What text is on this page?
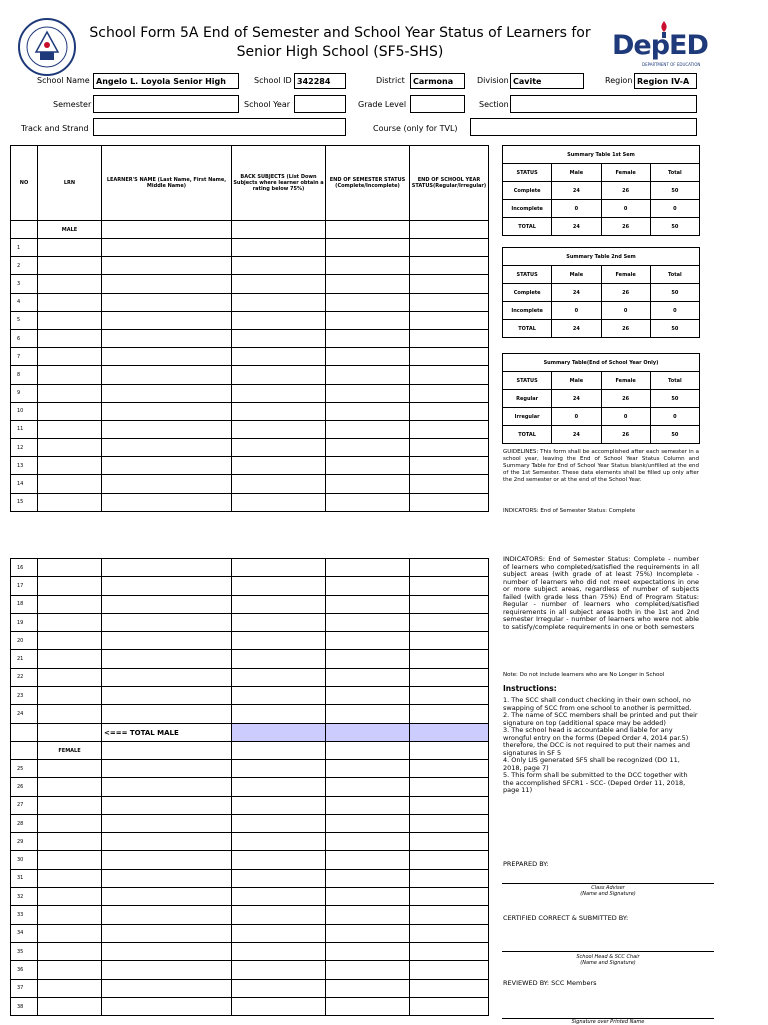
School Form 5A End of Semester and School Year Status of Learners for
Senior High School (SF5-SHS)	DepED
DEPARTMENT OF EDUCATION
School Name Angelo L. Loyola Senior High	School ID 342284	District	Carmona	Division Cavite	Region Region IV-A
Semester	School Year	Grade Level	Section
Track and Strand	Course (only for TVL)
NO	LRN	LEARNER'S NAME (Last Name, First Name, Middle Name)	BACK SUBJECTS (List Down Subjects where learner obtain a rating below 75%)	END OF SEMESTER STATUS (Complete/Incomplete)	END OF SCHOOL YEAR STATUS(Regular/Irregular)
	MALE				
1					
2					
3					
4					
5					
6					
7					
8					
9					
10					
11					
12					
13					
14					
15					
16					
17					
18					
19					
20					
21					
22					
23					
24					
		<=== TOTAL MALE			
	FEMALE				
25					
26					
27					
28					
29					
30					
31					
32					
33					
34					
35					
36					
37					
38					
Summary Table 1st Sem			
STATUS	Male	Female	Total
Complete	24	26	50
Incomplete	0	0	0
TOTAL	24	26	50
Summary Table 2nd Sem			
STATUS	Male	Female	Total
Complete	24	26	50
Incomplete	0	0	0
TOTAL	24	26	50
Summary Table(End of School Year Only)			
STATUS	Male	Female	Total
Regular	24	26	50
Irregular	0	0	0
TOTAL	24	26	50
GUIDELINES: This form shall be accomplished after each semester in a school year, leaving the End of School Year Status Column and Summary Table for End of School Year Status blank/unfilled at the end of the 1st Semester. These data elements shall be filled up only after the 2nd semester or at the end of the School Year.
INDICATORS: End of Semester Status: Complete
INDICATORS: End of Semester Status: Complete - number of learners who completed/satisfied the requirements in all subject areas (with grade of at least 75%) Incomplete - number of learners who did not meet expectations in one or more subject areas, regardless of number of subjects failed (with grade less than 75%) End of Program Status: Regular - number of learners who completed/satisfied requirements in all subject areas both in the 1st and 2nd semester Irregular - number of learners who were not able to satisfy/complete requirements in one or both semesters
Note: Do not include learners who are No Longer in School
Instructions:
1. The SCC shall conduct checking in their own school, no swapping of SCC from one school to another is permitted.
2. The name of SCC members shall be printed and put their signature on top (additional space may be added)
3. The school head is accountable and liable for any wrongful entry on the forms (Deped Order 4, 2014 par.5) therefore, the DCC is not required to put their names and signatures in SF 5
4. Only LIS generated SF5 shall be recognized (DO 11, 2018, page 7)
5. This form shall be submitted to the DCC together with the accomplished SFCR1 - SCC- (Deped Order 11, 2018, page 11)
PREPARED BY:
Class Adviser
(Name and Signature)
CERTIFIED CORRECT & SUBMITTED BY:
School Head & SCC Chair
(Name and Signature)
REVIEWED BY: SCC Members
Signature over Printed Name
